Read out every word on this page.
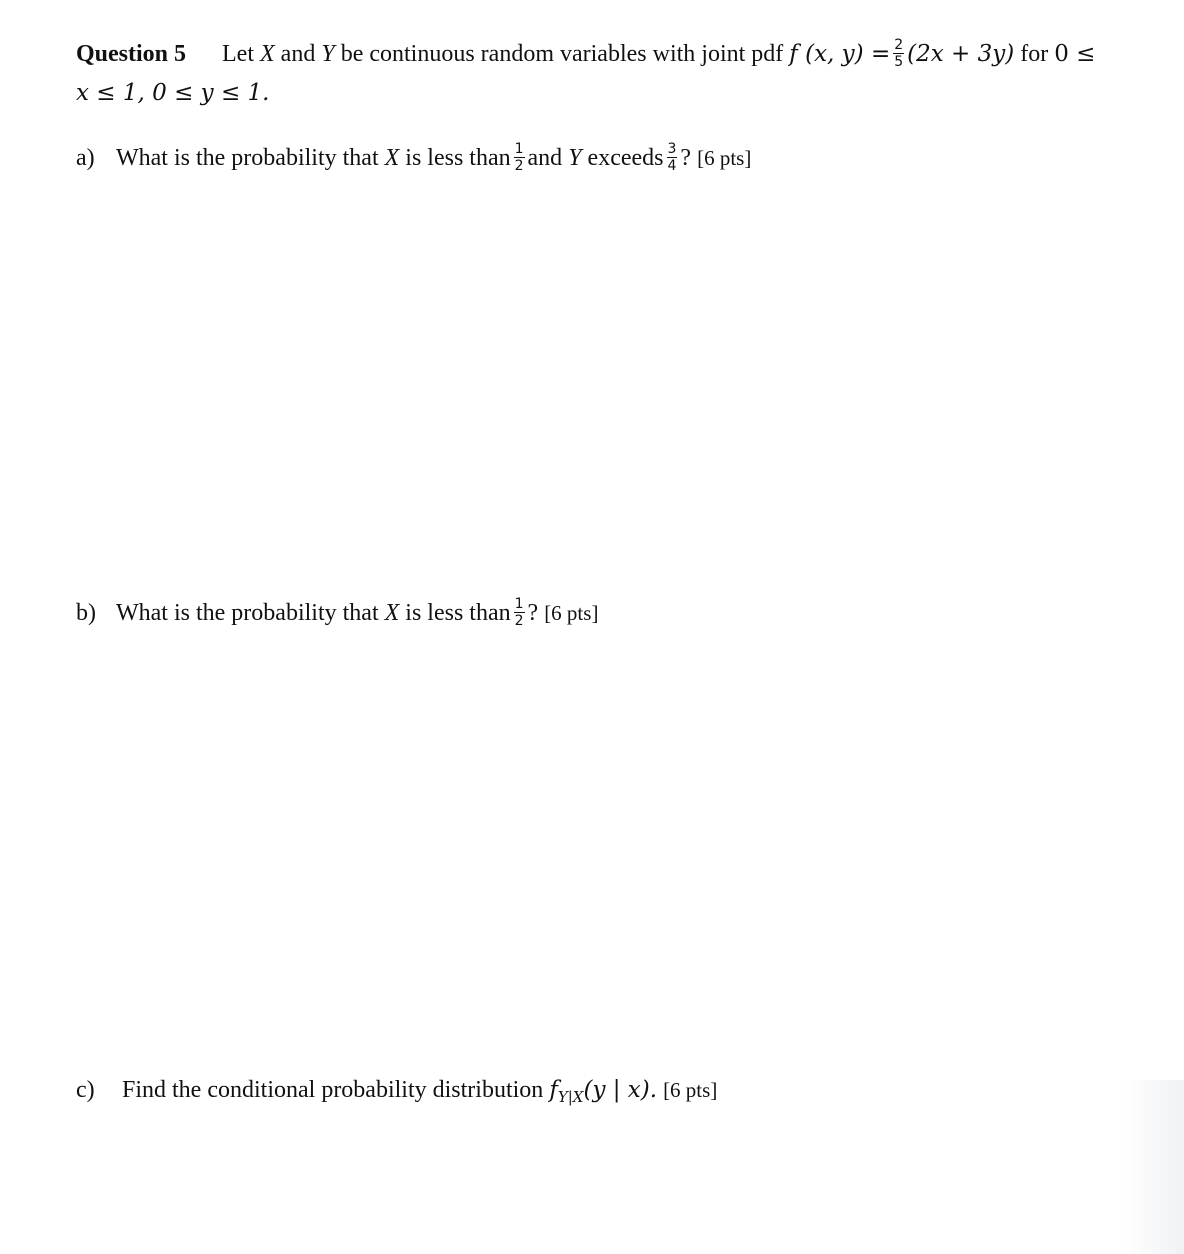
Question 5 Let X and Y be continuous random variables with joint pdf f (x, $y) = \frac{2}{5} (2x + 3y)$ for 0 ≤
x ≤ 1, 0 ≤ y ≤ 1.
a) What is the probability that X is less than $\frac{1}{2}$ and Y exceeds $\frac{3}{4}$ ? [6 pts]
b) What is the probability that X is less than $\frac{1}{2}$ ? [6 pts]
c) Find the conditional probability distribution $f_{Y|X}(y$ | x). [6 pts]
